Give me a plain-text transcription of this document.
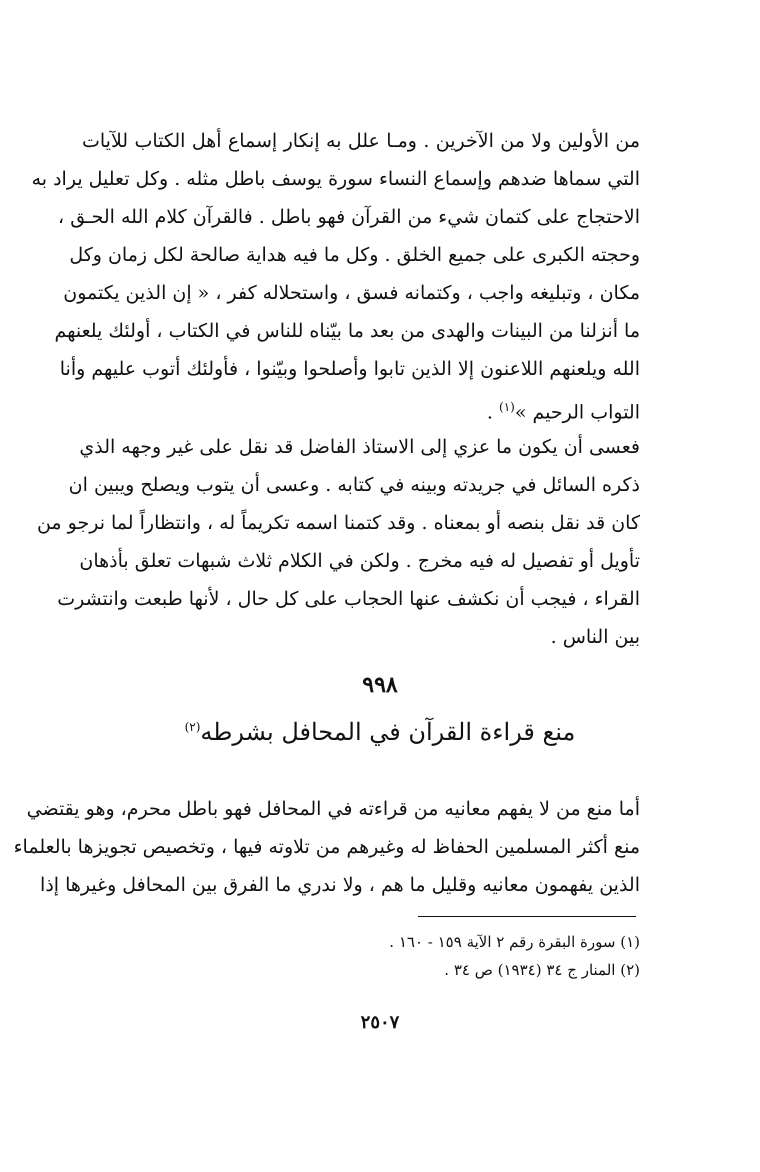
من الأولين ولا من الآخرين . ومـا علل به إنكار إسماع أهل الكتاب للآيات
التي سماها ضدهم وإسماع النساء سورة يوسف باطل مثله . وكل تعليل يراد به
الاحتجاج على كتمان شيء من القرآن فهو باطل . فالقرآن كلام الله الحـق ،
وحجته الكبرى على جميع الخلق . وكل ما فيه هداية صالحة لكل زمان وكل
مكان ، وتبليغه واجب ، وكتمانه فسق ، واستحلاله كفر ، « إن الذين يكتمون
ما أنزلنا من البينات والهدى من بعد ما بيّناه للناس في الكتاب ، أولئك يلعنهم
الله ويلعنهم اللاعنون إلا الذين تابوا وأصلحوا وبيّنوا ، فأولئك أتوب عليهم وأنا
التواب الرحيم »$^{(١)}$ .
فعسى أن يكون ما عزي إلى الاستاذ الفاضل قد نقل على غير وجهه الذي
ذكره السائل في جريدته وبينه في كتابه . وعسى أن يتوب ويصلح ويبين ان
كان قد نقل بنصه أو بمعناه . وقد كتمنا اسمه تكريماً له ، وانتظاراً لما نرجو من
تأويل أو تفصيل له فيه مخرج . ولكن في الكلام ثلاث شبهات تعلق بأذهان
القراء ، فيجب أن نكشف عنها الحجاب على كل حال ، لأنها طبعت وانتشرت
بين الناس .
٩٩٨
منع قراءة القرآن في المحافل بشرطه$^{(٢)}$
أما منع من لا يفهم معانيه من قراءته في المحافل فهو باطل محرم، وهو يقتضي
منع أكثر المسلمين الحفاظ له وغيرهم من تلاوته فيها ، وتخصيص تجويزها بالعلماء
الذين يفهمون معانيه وقليل ما هم ، ولا ندري ما الفرق بين المحافل وغيرها إذا
(١) سورة البقرة رقم ٢ الآية ١٥٩ - ١٦٠ .
(٢) المنار ج ٣٤ (١٩٣٤) ص ٣٤ .
٢٥٠٧
